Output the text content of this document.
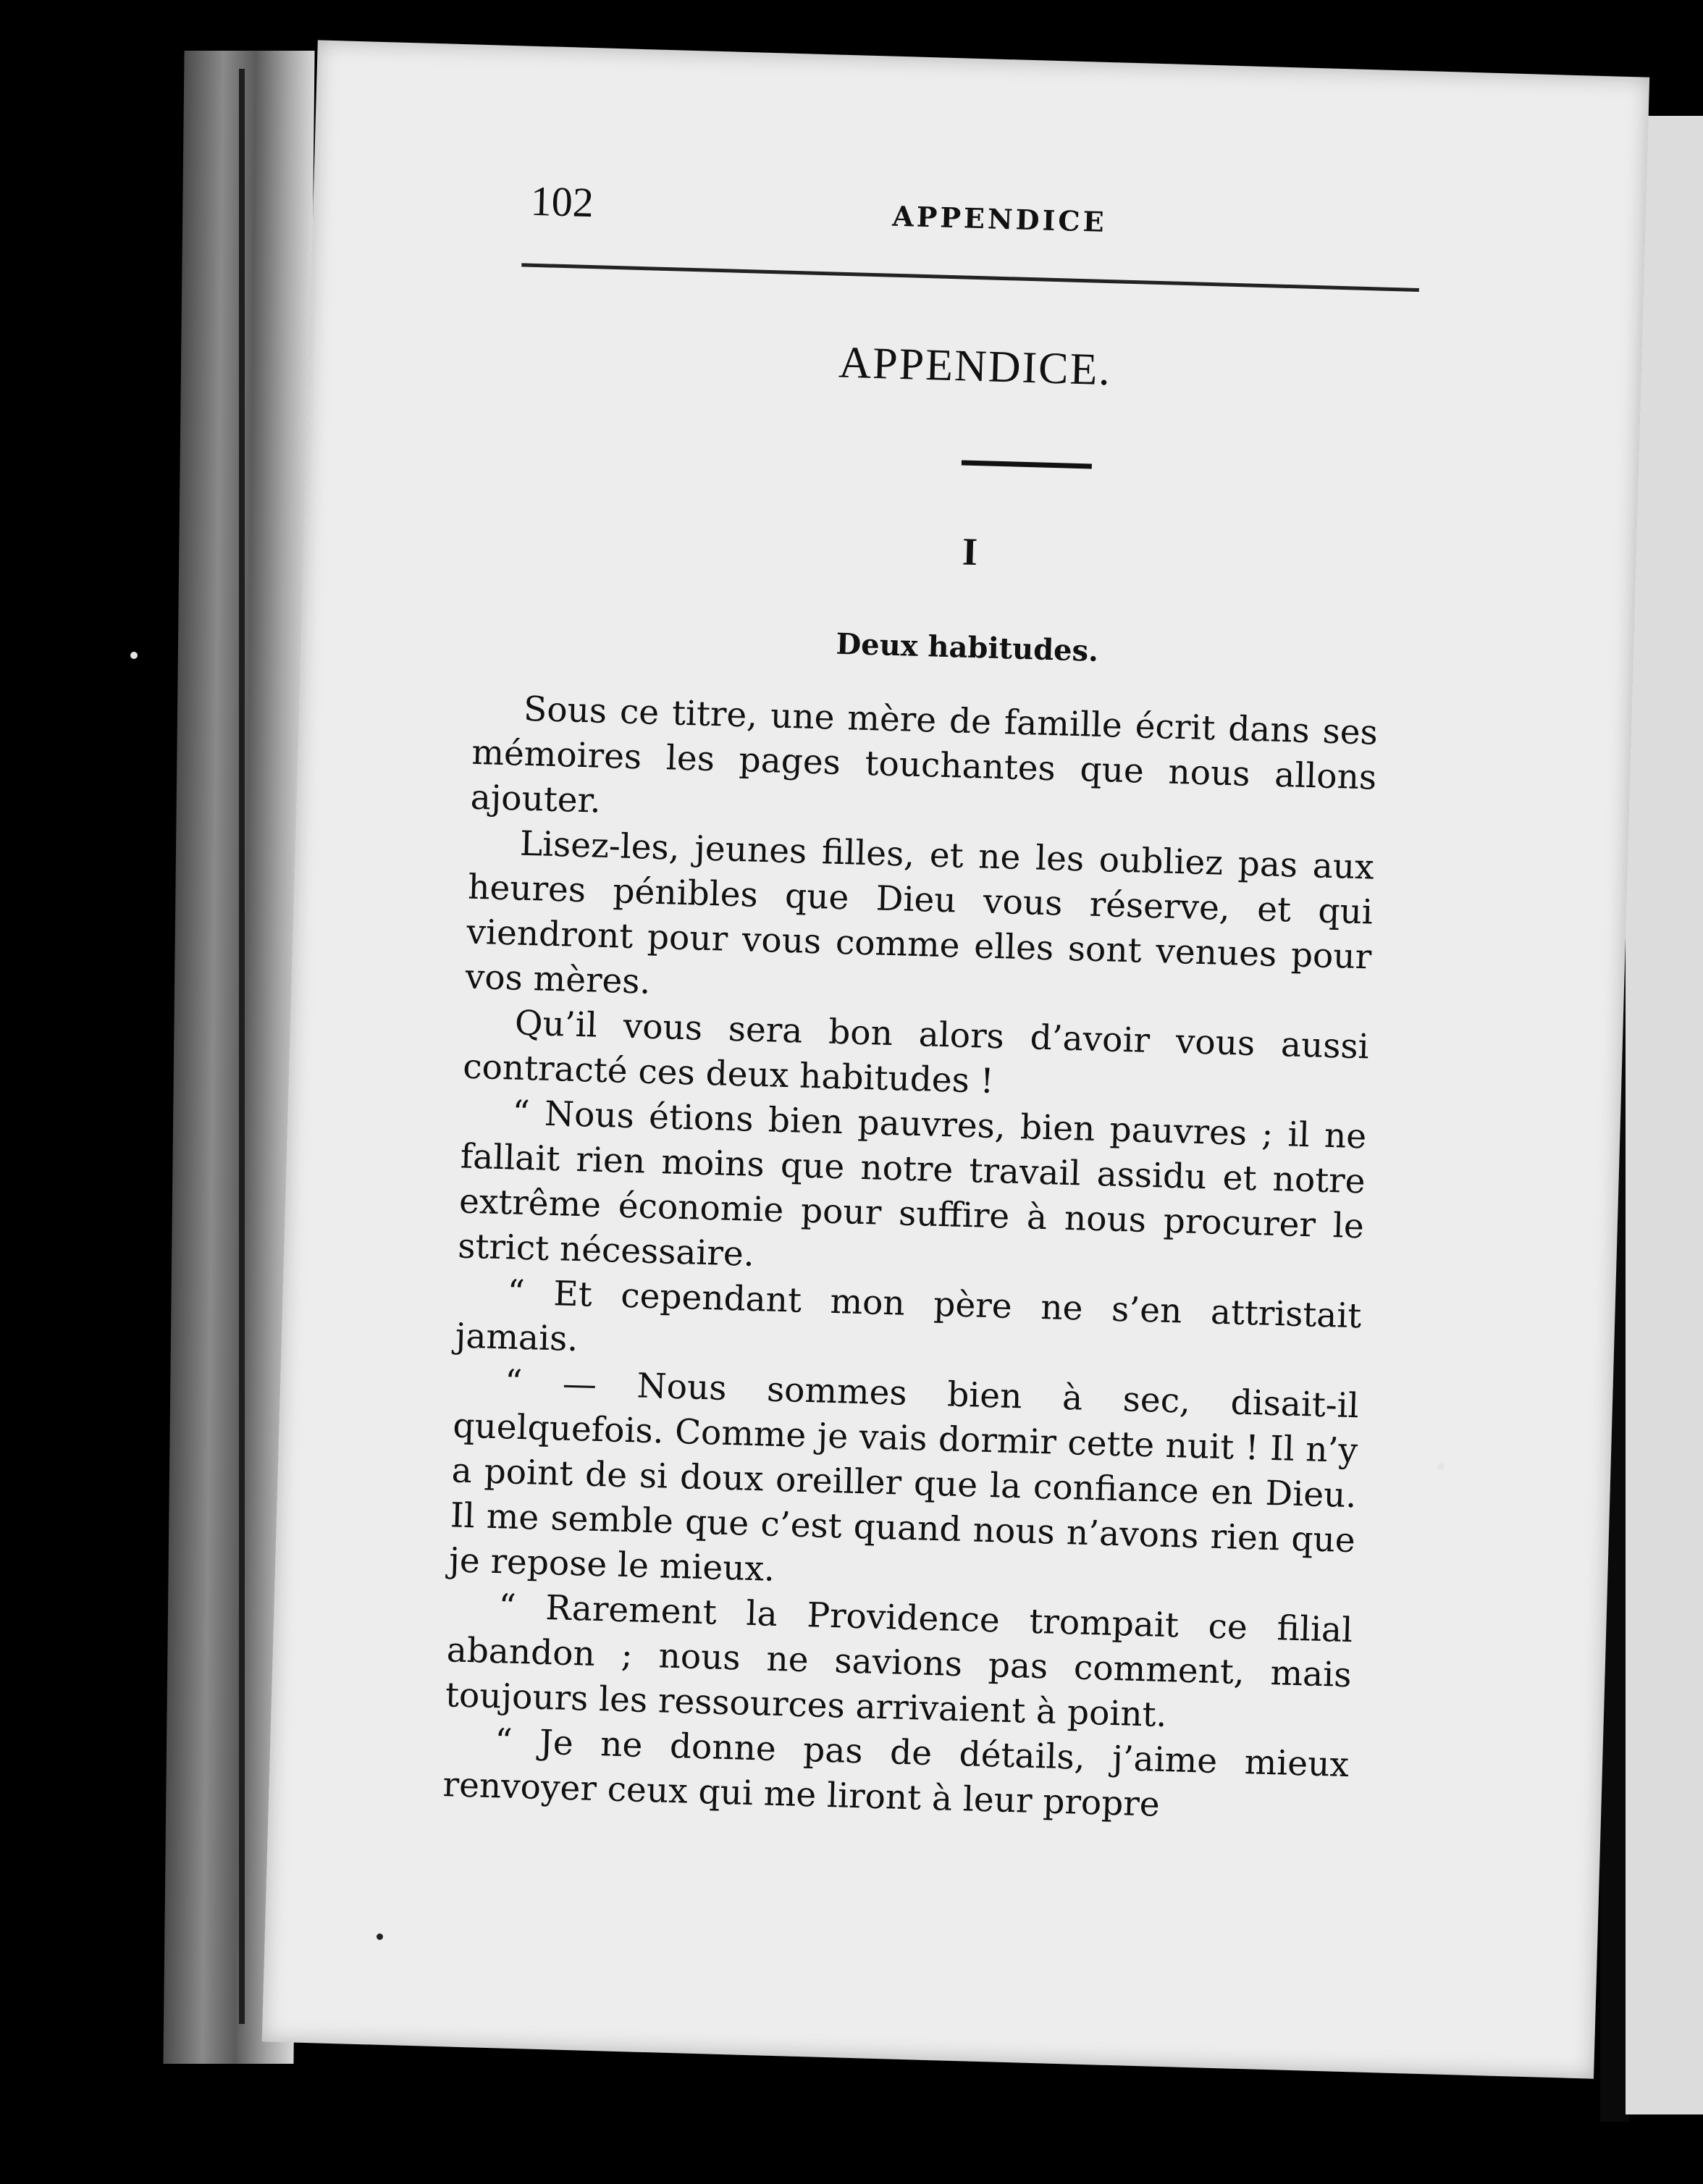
102	APPENDICE
APPENDICE.
I
Deux habitudes.

Sous ce titre, une mère de famille écrit dans ses mémoires les pages touchantes que nous allons ajouter.

Lisez-les, jeunes filles, et ne les oubliez pas aux heures pénibles que Dieu vous réserve, et qui viendront pour vous comme elles sont venues pour vos mères.

Qu’il vous sera bon alors d’avoir vous aussi contracté ces deux habitudes !

“ Nous étions bien pauvres, bien pauvres ; il ne fallait rien moins que notre travail assidu et notre extrême économie pour suffire à nous procurer le strict nécessaire.

“ Et cependant mon père ne s’en attristait jamais.

“ — Nous sommes bien à sec, disait-il quelquefois. Comme je vais dormir cette nuit ! Il n’y a point de si doux oreiller que la confiance en Dieu. Il me semble que c’est quand nous n’avons rien que je repose le mieux.

“ Rarement la Providence trompait ce filial abandon ; nous ne savions pas comment, mais toujours les ressources arrivaient à point.

“ Je ne donne pas de détails, j’aime mieux renvoyer ceux qui me liront à leur propre
